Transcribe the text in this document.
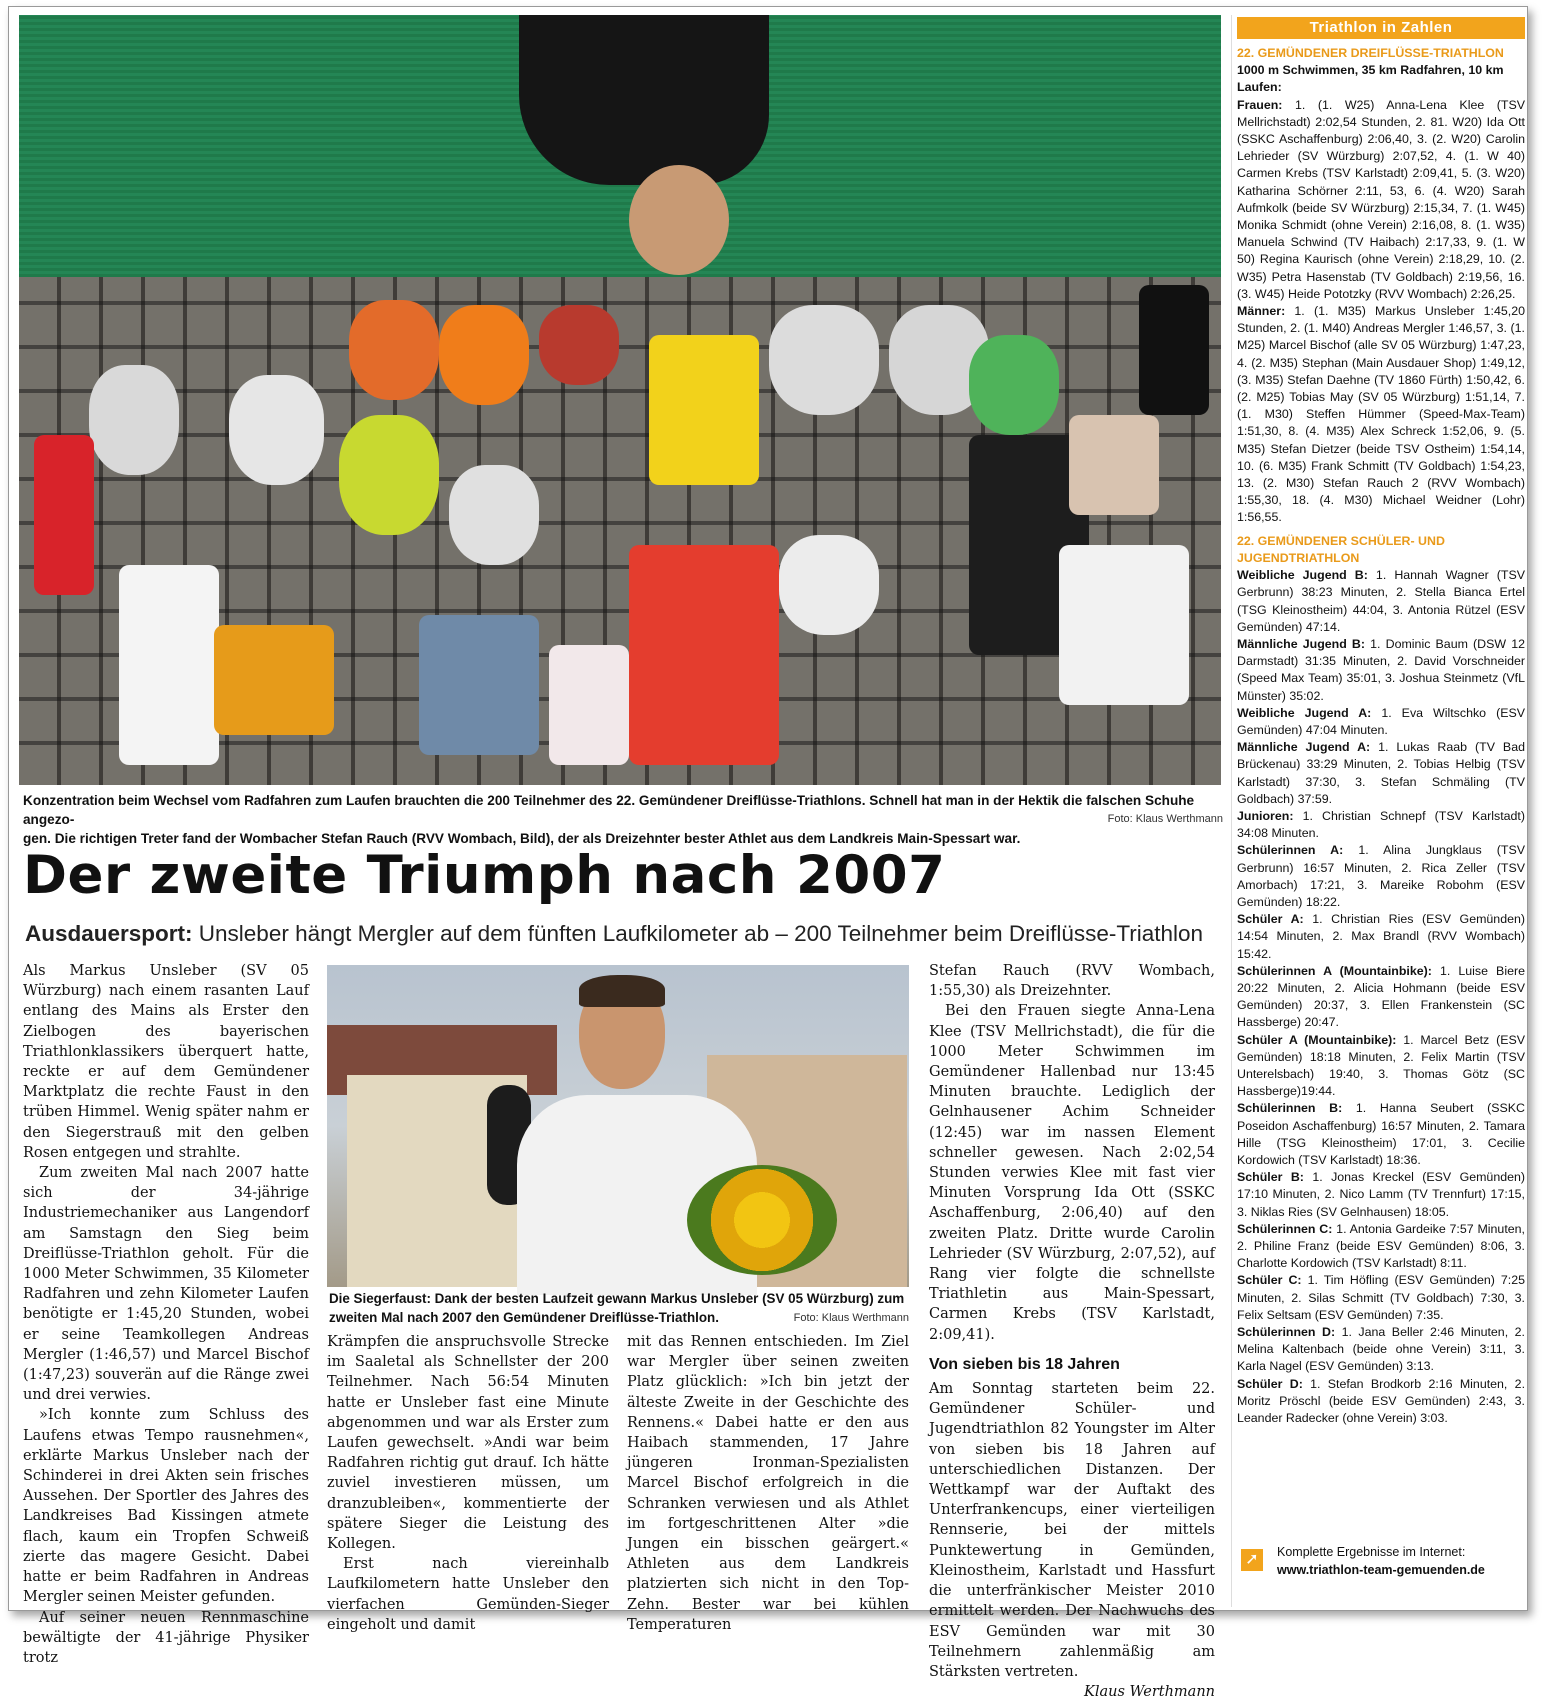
Konzentration beim Wechsel vom Radfahren zum Laufen brauchten die 200 Teilnehmer des 22. Gemündener Dreiflüsse-Triathlons. Schnell hat man in der Hektik die falschen Schuhe angezo-
gen. Die richtigen Treter fand der Wombacher Stefan Rauch (RVV Wombach, Bild), der als Dreizehnter bester Athlet aus dem Landkreis Main-Spessart war.
Foto: Klaus Werthmann
Triathlon in Zahlen
22. GEMÜNDENER DREIFLÜSSE-TRIATHLON
1000 m Schwimmen, 35 km Radfahren, 10 km Laufen:

Frauen: 1. (1. W25) Anna-Lena Klee (TSV Mellrichstadt) 2:02,54 Stunden, 2. 81. W20) Ida Ott (SSKC Aschaffenburg) 2:06,40, 3. (2. W20) Carolin Lehrieder (SV Würzburg) 2:07,52, 4. (1. W 40) Carmen Krebs (TSV Karlstadt) 2:09,41, 5. (3. W20) Katharina Schörner 2:11, 53, 6. (4. W20) Sarah Aufmkolk (beide SV Würzburg) 2:15,34, 7. (1. W45) Monika Schmidt (ohne Verein) 2:16,08, 8. (1. W35) Manuela Schwind (TV Haibach) 2:17,33, 9. (1. W 50) Regina Kaurisch (ohne Verein) 2:18,29, 10. (2. W35) Petra Hasenstab (TV Goldbach) 2:19,56, 16. (3. W45) Heide Pototzky (RVV Wombach) 2:26,25.

Männer: 1. (1. M35) Markus Unsleber 1:45,20 Stunden, 2. (1. M40) Andreas Mergler 1:46,57, 3. (1. M25) Marcel Bischof (alle SV 05 Würzburg) 1:47,23, 4. (2. M35) Stephan (Main Ausdauer Shop) 1:49,12, (3. M35) Stefan Daehne (TV 1860 Fürth) 1:50,42, 6. (2. M25) Tobias May (SV 05 Würzburg) 1:51,14, 7. (1. M30) Steffen Hümmer (Speed-Max-Team) 1:51,30, 8. (4. M35) Alex Schreck 1:52,06, 9. (5. M35) Stefan Dietzer (beide TSV Ostheim) 1:54,14, 10. (6. M35) Frank Schmitt (TV Goldbach) 1:54,23, 13. (2. M30) Stefan Rauch 2 (RVV Wombach) 1:55,30, 18. (4. M30) Michael Weidner (Lohr) 1:56,55.

22. GEMÜNDENER SCHÜLER- UND JUGENDTRIATHLON

Weibliche Jugend B: 1. Hannah Wagner (TSV Gerbrunn) 38:23 Minuten, 2. Stella Bianca Ertel (TSG Kleinostheim) 44:04, 3. Antonia Rützel (ESV Gemünden) 47:14.

Männliche Jugend B: 1. Dominic Baum (DSW 12 Darmstadt) 31:35 Minuten, 2. David Vorschneider (Speed Max Team) 35:01, 3. Joshua Steinmetz (VfL Münster) 35:02.

Weibliche Jugend A: 1. Eva Wiltschko (ESV Gemünden) 47:04 Minuten.

Männliche Jugend A: 1. Lukas Raab (TV Bad Brückenau) 33:29 Minuten, 2. Tobias Helbig (TSV Karlstadt) 37:30, 3. Stefan Schmäling (TV Goldbach) 37:59.

Junioren: 1. Christian Schnepf (TSV Karlstadt) 34:08 Minuten.

Schülerinnen A: 1. Alina Jungklaus (TSV Gerbrunn) 16:57 Minuten, 2. Rica Zeller (TSV Amorbach) 17:21, 3. Mareike Robohm (ESV Gemünden) 18:22.

Schüler A: 1. Christian Ries (ESV Gemünden) 14:54 Minuten, 2. Max Brandl (RVV Wombach) 15:42.

Schülerinnen A (Mountainbike): 1. Luise Biere 20:22 Minuten, 2. Alicia Hohmann (beide ESV Gemünden) 20:37, 3. Ellen Frankenstein (SC Hassberge) 20:47.

Schüler A (Mountainbike): 1. Marcel Betz (ESV Gemünden) 18:18 Minuten, 2. Felix Martin (TSV Unterelsbach) 19:40, 3. Thomas Götz (SC Hassberge)19:44.

Schülerinnen B: 1. Hanna Seubert (SSKC Poseidon Aschaffenburg) 16:57 Minuten, 2. Tamara Hille (TSG Kleinostheim) 17:01, 3. Cecilie Kordowich (TSV Karlstadt) 18:36.

Schüler B: 1. Jonas Kreckel (ESV Gemünden) 17:10 Minuten, 2. Nico Lamm (TV Trennfurt) 17:15, 3. Niklas Ries (SV Gelnhausen) 18:05.

Schülerinnen C: 1. Antonia Gardeike 7:57 Minuten, 2. Philine Franz (beide ESV Gemünden) 8:06, 3. Charlotte Kordowich (TSV Karlstadt) 8:11.

Schüler C: 1. Tim Höfling (ESV Gemünden) 7:25 Minuten, 2. Silas Schmitt (TV Goldbach) 7:30, 3. Felix Seltsam (ESV Gemünden) 7:35.

Schülerinnen D: 1. Jana Beller 2:46 Minuten, 2. Melina Kaltenbach (beide ohne Verein) 3:11, 3. Karla Nagel (ESV Gemünden) 3:13.

Schüler D: 1. Stefan Brodkorb 2:16 Minuten, 2. Moritz Pröschl (beide ESV Gemünden) 2:43, 3. Leander Radecker (ohne Verein) 3:03.

➚	Komplette Ergebnisse im Internet:
www.triathlon-team-gemuenden.de
Der zweite Triumph nach 2007
Ausdauersport: Unsleber hängt Mergler auf dem fünften Laufkilometer ab – 200 Teilnehmer beim Dreiflüsse-Triathlon

Als Markus Unsleber (SV 05 Würzburg) nach einem rasanten Lauf entlang des Mains als Erster den Zielbogen des bayerischen Triathlonklassikers überquert hatte, reckte er auf dem Gemündener Marktplatz die rechte Faust in den trüben Himmel. Wenig später nahm er den Siegerstrauß mit den gelben Rosen entgegen und strahlte.

Zum zweiten Mal nach 2007 hatte sich der 34-jährige Industriemechaniker aus Langendorf am Samstagn den Sieg beim Dreiflüsse-Triathlon geholt. Für die 1000 Meter Schwimmen, 35 Kilometer Radfahren und zehn Kilometer Laufen benötigte er 1:45,20 Stunden, wobei er seine Teamkollegen Andreas Mergler (1:46,57) und Marcel Bischof (1:47,23) souverän auf die Ränge zwei und drei verwies.

»Ich konnte zum Schluss des Laufens etwas Tempo rausnehmen«, erklärte Markus Unsleber nach der Schinderei in drei Akten sein frisches Aussehen. Der Sportler des Jahres des Landkreises Bad Kissingen atmete flach, kaum ein Tropfen Schweiß zierte das magere Gesicht. Dabei hatte er beim Radfahren in Andreas Mergler seinen Meister gefunden.

Auf seiner neuen Rennmaschine bewältigte der 41-jährige Physiker trotz

Die Siegerfaust: Dank der besten Laufzeit gewann Markus Unsleber (SV 05 Würzburg) zum
zweiten Mal nach 2007 den Gemündener Dreiflüsse-Triathlon.	Foto: Klaus Werthmann

Krämpfen die anspruchsvolle Strecke im Saaletal als Schnellster der 200 Teilnehmer. Nach 56:54 Minuten hatte er Unsleber fast eine Minute abgenommen und war als Erster zum Laufen gewechselt. »Andi war beim Radfahren richtig gut drauf. Ich hätte zuviel investieren müssen, um dranzubleiben«, kommentierte der spätere Sieger die Leistung des Kollegen.

Erst nach viereinhalb Laufkilometern hatte Unsleber den vierfachen Gemünden-Sieger eingeholt und damit

mit das Rennen entschieden. Im Ziel war Mergler über seinen zweiten Platz glücklich: »Ich bin jetzt der älteste Zweite in der Geschichte des Rennens.« Dabei hatte er den aus Haibach stammenden, 17 Jahre jüngeren Ironman-Spezialisten Marcel Bischof erfolgreich in die Schranken verwiesen und als Athlet im fortgeschrittenen Alter »die Jungen ein bisschen geärgert.« Athleten aus dem Landkreis platzierten sich nicht in den Top-Zehn. Bester war bei kühlen Temperaturen

Stefan Rauch (RVV Wombach, 1:55,30) als Dreizehnter.

Bei den Frauen siegte Anna-Lena Klee (TSV Mellrichstadt), die für die 1000 Meter Schwimmen im Gemündener Hallenbad nur 13:45 Minuten brauchte. Lediglich der Gelnhausener Achim Schneider (12:45) war im nassen Element schneller gewesen. Nach 2:02,54 Stunden verwies Klee mit fast vier Minuten Vorsprung Ida Ott (SSKC Aschaffenburg, 2:06,40) auf den zweiten Platz. Dritte wurde Carolin Lehrieder (SV Würzburg, 2:07,52), auf Rang vier folgte die schnellste Triathletin aus Main-Spessart, Carmen Krebs (TSV Karlstadt, 2:09,41).

Von sieben bis 18 Jahren

Am Sonntag starteten beim 22. Gemündener Schüler- und Jugendtriathlon 82 Youngster im Alter von sieben bis 18 Jahren auf unterschiedlichen Distanzen. Der Wettkampf war der Auftakt des Unterfrankencups, einer vierteiligen Rennserie, bei der mittels Punktewertung in Gemünden, Kleinostheim, Karlstadt und Hassfurt die unterfränkischer Meister 2010 ermittelt werden. Der Nachwuchs des ESV Gemünden war mit 30 Teilnehmern zahlenmäßig am Stärksten vertreten.

Klaus Werthmann
